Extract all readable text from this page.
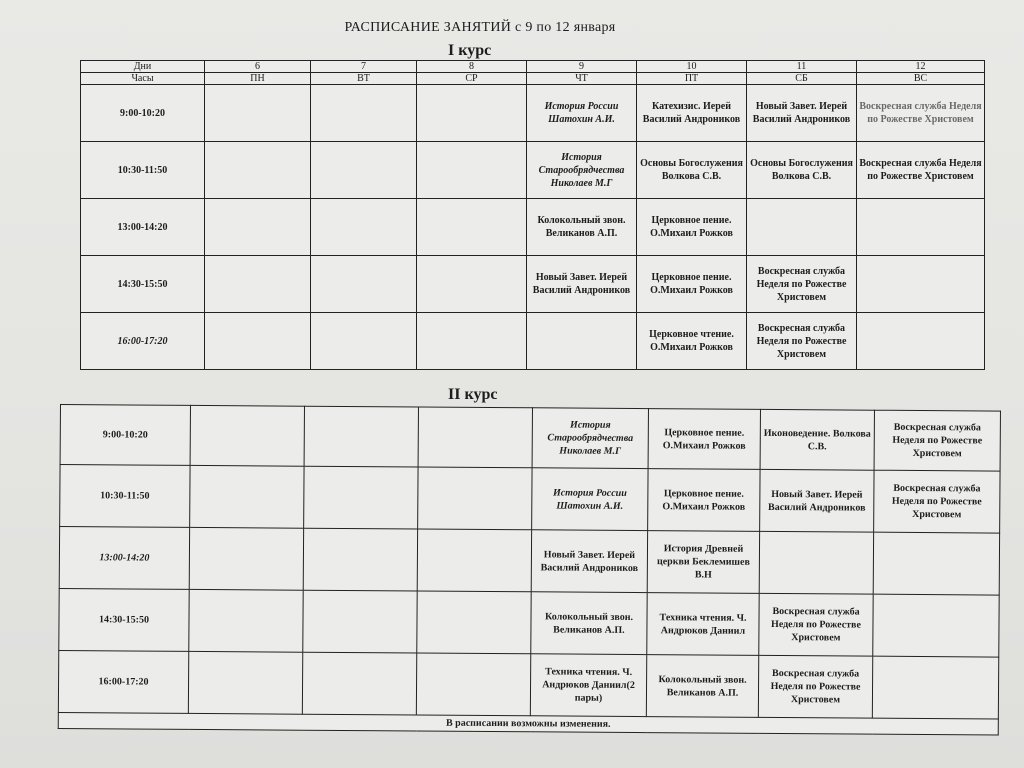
РАСПИСАНИЕ ЗАНЯТИЙ с 9 по 12 января
I курс
Дни	6	7	8	9	10	11	12
Часы	ПН	ВТ	СР	ЧТ	ПТ	СБ	ВС
9:00-10:20				История России Шатохин А.И.	Катехизис. Иерей Василий Андроников	Новый Завет. Иерей Василий Андроников	Воскресная служба Неделя по Рожестве Христовем
10:30-11:50				История Старообрядчества Николаев М.Г	Основы Богослужения Волкова С.В.	Основы Богослужения Волкова С.В.	Воскресная служба Неделя по Рожестве Христовем
13:00-14:20				Колокольный звон. Великанов А.П.	Церковное пение. О.Михаил Рожков		
14:30-15:50				Новый Завет. Иерей Василий Андроников	Церковное пение. О.Михаил Рожков	Воскресная служба Неделя по Рожестве Христовем	
16:00-17:20					Церковное чтение. О.Михаил Рожков	Воскресная служба Неделя по Рожестве Христовем	
II курс
9:00-10:20				История Старообрядчества Николаев М.Г	Церковное пение. О.Михаил Рожков	Иконоведение. Волкова С.В.	Воскресная служба Неделя по Рожестве Христовем
10:30-11:50				История России Шатохин А.И.	Церковное пение. О.Михаил Рожков	Новый Завет. Иерей Василий Андроников	Воскресная служба Неделя по Рожестве Христовем
13:00-14:20				Новый Завет. Иерей Василий Андроников	История Древней церкви Беклемишев В.Н		
14:30-15:50				Колокольный звон. Великанов А.П.	Техника чтения. Ч. Андрюков Даниил	Воскресная служба Неделя по Рожестве Христовем	
16:00-17:20				Техника чтения. Ч. Андрюков Даниил(2 пары)	Колокольный звон. Великанов А.П.	Воскресная служба Неделя по Рожестве Христовем	
В расписании возможны изменения.							
